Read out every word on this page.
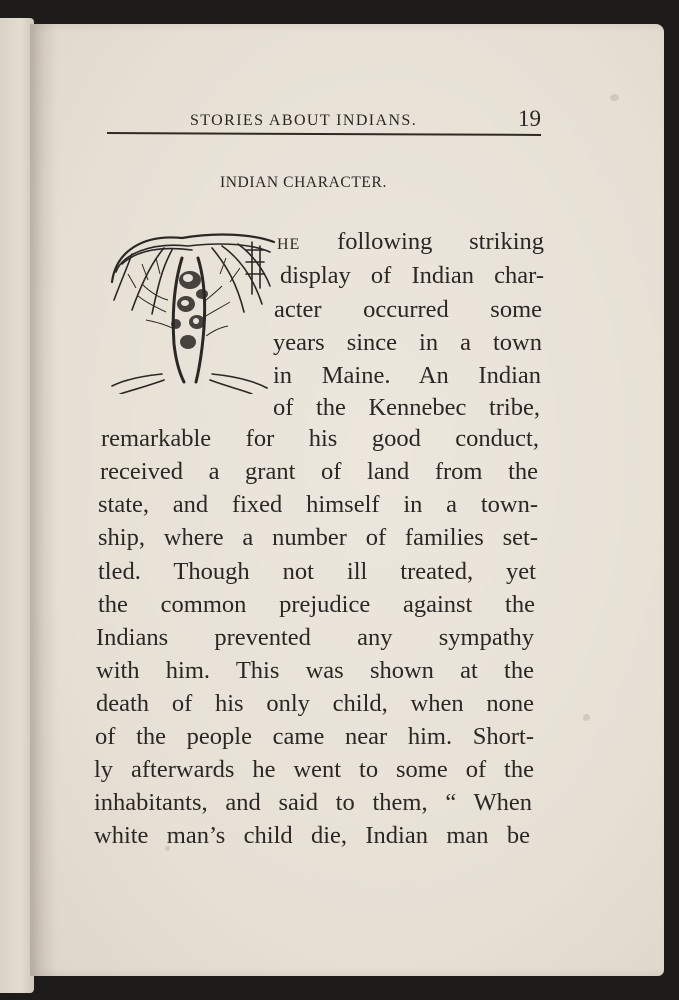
STORIES ABOUT INDIANS.	19
INDIAN CHARACTER.
HE following striking
display of Indian char-
acter occurred some
years since in a town
in Maine. An Indian
of the Kennebec tribe,
remarkable for his good conduct,
received a grant of land from the
state, and fixed himself in a town-
ship, where a number of families set-
tled. Though not ill treated, yet
the common prejudice against the
Indians prevented any sympathy
with him. This was shown at the
death of his only child, when none
of the people came near him. Short-
ly afterwards he went to some of the
inhabitants, and said to them, “ When
white man’s child die, Indian man be
